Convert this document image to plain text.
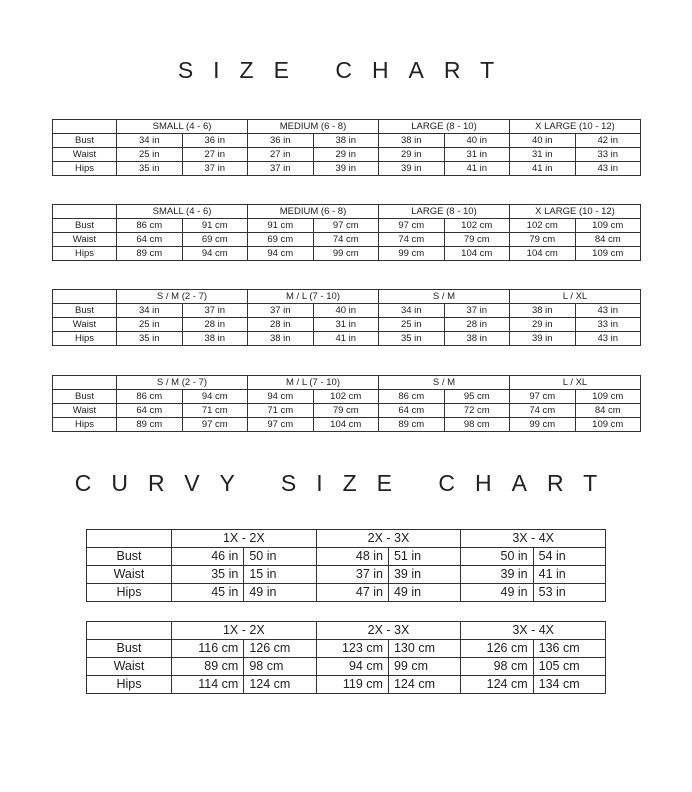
SIZE CHART
	SMALL (4 - 6)		MEDIUM (6 - 8)		LARGE (8 - 10)		X LARGE (10 - 12)	
Bust	34 in	36 in	36 in	38 in	38 in	40 in	40 in	42 in
Waist	25 in	27 in	27 in	29 in	29 in	31 in	31 in	33 in
Hips	35 in	37 in	37 in	39 in	39 in	41 in	41 in	43 in
	SMALL (4 - 6)		MEDIUM (6 - 8)		LARGE (8 - 10)		X LARGE (10 - 12)	
Bust	86 cm	91 cm	91 cm	97 cm	97 cm	102 cm	102 cm	109 cm
Waist	64 cm	69 cm	69 cm	74 cm	74 cm	79 cm	79 cm	84 cm
Hips	89 cm	94 cm	94 cm	99 cm	99 cm	104 cm	104 cm	109 cm
	S / M (2 - 7)		M / L (7 - 10)		S / M		L / XL	
Bust	34 in	37 in	37 in	40 in	34 in	37 in	38 in	43 in
Waist	25 in	28 in	28 in	31 in	25 in	28 in	29 in	33 in
Hips	35 in	38 in	38 in	41 in	35 in	38 in	39 in	43 in
	S / M (2 - 7)		M / L (7 - 10)		S / M		L / XL	
Bust	86 cm	94 cm	94 cm	102 cm	86 cm	95 cm	97 cm	109 cm
Waist	64 cm	71 cm	71 cm	79 cm	64 cm	72 cm	74 cm	84 cm
Hips	89 cm	97 cm	97 cm	104 cm	89 cm	98 cm	99 cm	109 cm
CURVY SIZE CHART
	1X - 2X		2X - 3X		3X - 4X	
Bust	46 in	50 in	48 in	51 in	50 in	54 in
Waist	35 in	15 in	37 in	39 in	39 in	41 in
Hips	45 in	49 in	47 in	49 in	49 in	53 in
	1X - 2X		2X - 3X		3X - 4X	
Bust	116 cm	126 cm	123 cm	130 cm	126 cm	136 cm
Waist	89 cm	98 cm	94 cm	99 cm	98 cm	105 cm
Hips	114 cm	124 cm	119 cm	124 cm	124 cm	134 cm
